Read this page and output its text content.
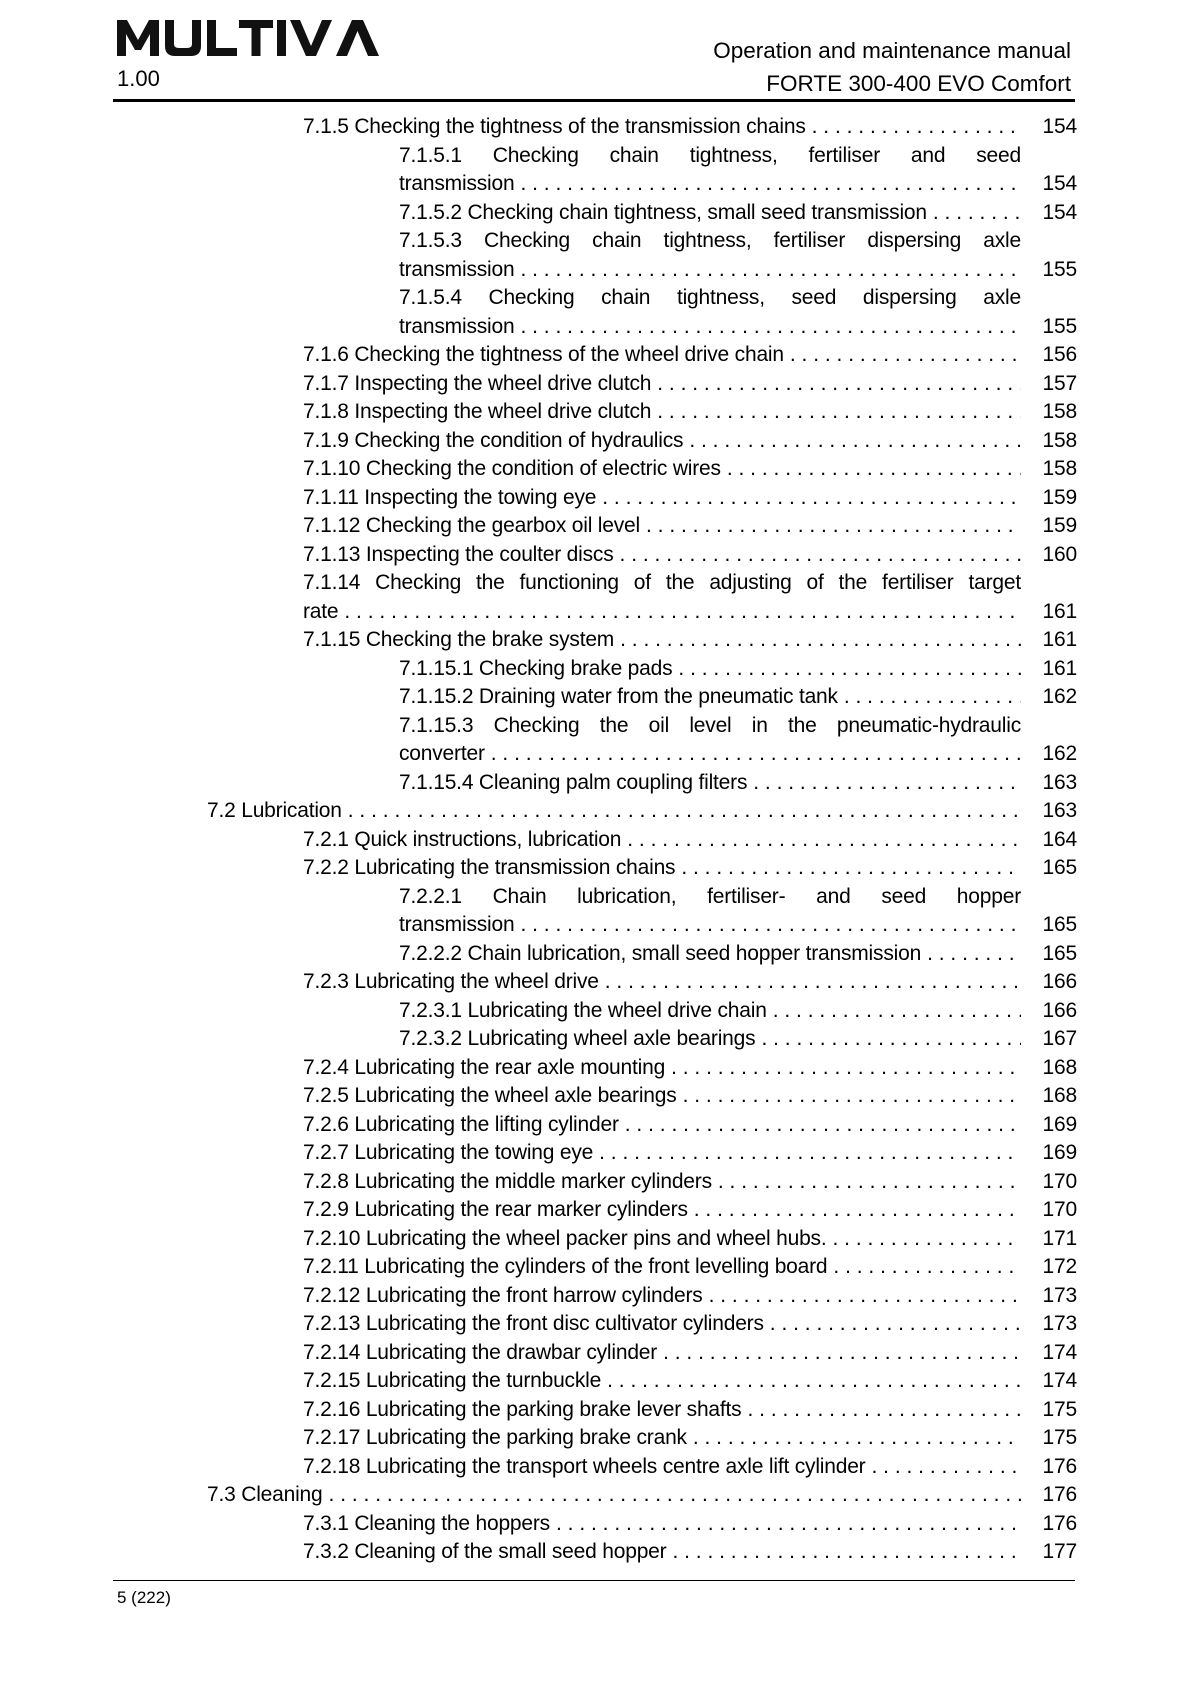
1.00
Operation and maintenance manual
FORTE 300-400 EVO Comfort
7.1.5 Checking the tightness of the transmission chains . . .	154
7.1.5.1 Checking chain tightness, fertiliser and seed
transmission . . .	154
7.1.5.2 Checking chain tightness, small seed transmission . . .	154
7.1.5.3 Checking chain tightness, fertiliser dispersing axle
transmission . . .	155
7.1.5.4 Checking chain tightness, seed dispersing axle
transmission . . .	155
7.1.6 Checking the tightness of the wheel drive chain . . .	156
7.1.7 Inspecting the wheel drive clutch . . .	157
7.1.8 Inspecting the wheel drive clutch . . .	158
7.1.9 Checking the condition of hydraulics . . .	158
7.1.10 Checking the condition of electric wires . . .	158
7.1.11 Inspecting the towing eye . . .	159
7.1.12 Checking the gearbox oil level . . .	159
7.1.13 Inspecting the coulter discs . . .	160
7.1.14 Checking the functioning of the adjusting of the fertiliser target
rate . . .	161
7.1.15 Checking the brake system . . .	161
7.1.15.1 Checking brake pads . . .	161
7.1.15.2 Draining water from the pneumatic tank . . .	162
7.1.15.3 Checking the oil level in the pneumatic-hydraulic
converter . . .	162
7.1.15.4 Cleaning palm coupling filters . . .	163
7.2 Lubrication . . .	163
7.2.1 Quick instructions, lubrication . . .	164
7.2.2 Lubricating the transmission chains . . .	165
7.2.2.1 Chain lubrication, fertiliser- and seed hopper
transmission . . .	165
7.2.2.2 Chain lubrication, small seed hopper transmission . . .	165
7.2.3 Lubricating the wheel drive . . .	166
7.2.3.1 Lubricating the wheel drive chain . . .	166
7.2.3.2 Lubricating wheel axle bearings . . .	167
7.2.4 Lubricating the rear axle mounting . . .	168
7.2.5 Lubricating the wheel axle bearings . . .	168
7.2.6 Lubricating the lifting cylinder . . .	169
7.2.7 Lubricating the towing eye . . .	169
7.2.8 Lubricating the middle marker cylinders . . .	170
7.2.9 Lubricating the rear marker cylinders . . .	170
7.2.10 Lubricating the wheel packer pins and wheel hubs. . . .	171
7.2.11 Lubricating the cylinders of the front levelling board . . .	172
7.2.12 Lubricating the front harrow cylinders . . .	173
7.2.13 Lubricating the front disc cultivator cylinders . . .	173
7.2.14 Lubricating the drawbar cylinder . . .	174
7.2.15 Lubricating the turnbuckle . . .	174
7.2.16 Lubricating the parking brake lever shafts . . .	175
7.2.17 Lubricating the parking brake crank . . .	175
7.2.18 Lubricating the transport wheels centre axle lift cylinder . . .	176
7.3 Cleaning . . .	176
7.3.1 Cleaning the hoppers . . .	176
7.3.2 Cleaning of the small seed hopper . . .	177
5 (222)
